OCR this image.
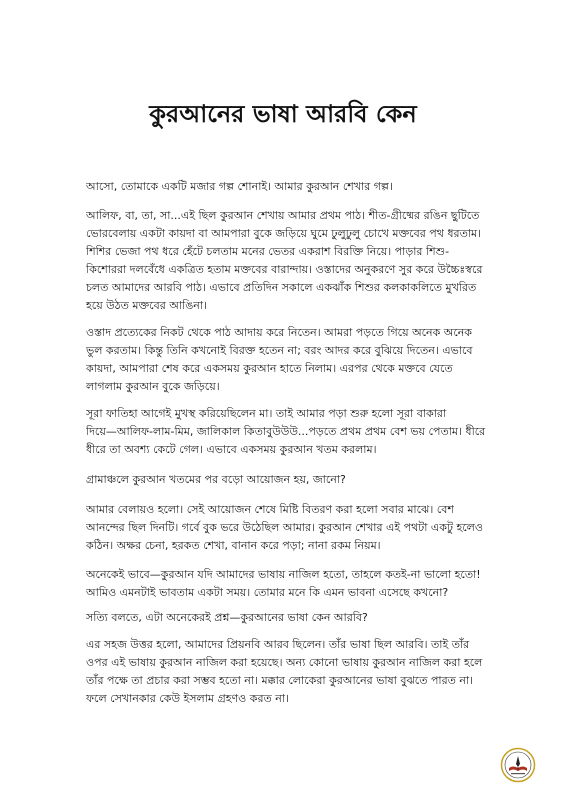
কুরআনের ভাষা আরবি কেন
আসো, তোমাকে একটি মজার গল্প শোনাই। আমার কুরআন শেখার গল্প।
আলিফ, বা, তা, সা...এই ছিল কুরআন শেখায় আমার প্রথম পাঠ। শীত-গ্রীষ্মের রঙিন ছুটিতে
ভোরবেলায় একটা কায়দা বা আমপারা বুকে জড়িয়ে ঘুমে ঢুলুঢুলু চোখে মক্তবের পথ ধরতাম।
শিশির ভেজা পথ ধরে হেঁটে চলতাম মনের ভেতর একরাশ বিরক্তি নিয়ে। পাড়ার শিশু-
কিশোররা দলবেঁধে একত্রিত হতাম মক্তবের বারান্দায়। ওস্তাদের অনুকরণে সুর করে উচ্চৈঃস্বরে
চলত আমাদের আরবি পাঠ। এভাবে প্রতিদিন সকালে একঝাঁক শিশুর কলকাকলিতে মুখরিত
হয়ে উঠত মক্তবের আঙিনা।
ওস্তাদ প্রত্যেকের নিকট থেকে পাঠ আদায় করে নিতেন। আমরা পড়তে গিয়ে অনেক অনেক
ভুল করতাম। কিন্তু তিনি কখনোই বিরক্ত হতেন না; বরং আদর করে বুঝিয়ে দিতেন। এভাবে
কায়দা, আমপারা শেষ করে একসময় কুরআন হাতে নিলাম। এরপর থেকে মক্তবে যেতে
লাগলাম কুরআন বুকে জড়িয়ে।
সূরা ফাতিহা আগেই মুখস্থ করিয়েছিলেন মা। তাই আমার পড়া শুরু হলো সূরা বাকারা
দিয়ে—আলিফ-লাম-মিম, জালিকাল কিতাবুউউউ...পড়তে প্রথম প্রথম বেশ ভয় পেতাম। ধীরে
ধীরে তা অবশ্য কেটে গেল। এভাবে একসময় কুরআন খতম করলাম।
গ্রামাঞ্চলে কুরআন খতমের পর বড়ো আয়োজন হয়, জানো?
আমার বেলায়ও হলো। সেই আয়োজন শেষে মিষ্টি বিতরণ করা হলো সবার মাঝে। বেশ
আনন্দের ছিল দিনটি। গর্বে বুক ভরে উঠেছিল আমার। কুরআন শেখার এই পথটা একটু হলেও
কঠিন। অক্ষর চেনা, হরকত শেখা, বানান করে পড়া; নানা রকম নিয়ম।
অনেকেই ভাবে—কুরআন যদি আমাদের ভাষায় নাজিল হতো, তাহলে কতই-না ভালো হতো!
আমিও এমনটাই ভাবতাম একটা সময়। তোমার মনে কি এমন ভাবনা এসেছে কখনো?
সত্যি বলতে, এটা অনেকেরই প্রশ্ন—কুরআনের ভাষা কেন আরবি?
এর সহজ উত্তর হলো, আমাদের প্রিয়নবি আরব ছিলেন। তাঁর ভাষা ছিল আরবি। তাই তাঁর
ওপর এই ভাষায় কুরআন নাজিল করা হয়েছে। অন্য কোনো ভাষায় কুরআন নাজিল করা হলে
তাঁর পক্ষে তা প্রচার করা সম্ভব হতো না। মক্কার লোকেরা কুরআনের ভাষা বুঝতে পারত না।
ফলে সেখানকার কেউ ইসলাম গ্রহণও করত না।
